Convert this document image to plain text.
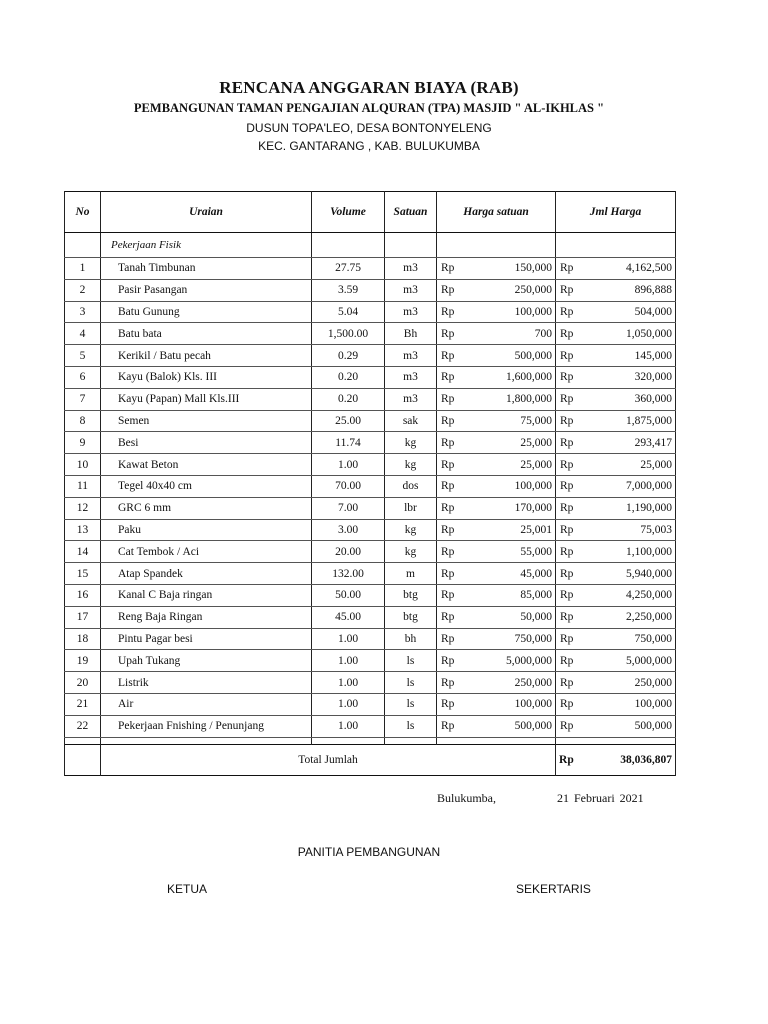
RENCANA ANGGARAN BIAYA (RAB)
PEMBANGUNAN TAMAN PENGAJIAN ALQURAN (TPA) MASJID " AL-IKHLAS "
DUSUN TOPA'LEO, DESA BONTONYELENG
KEC. GANTARANG , KAB. BULUKUMBA
No	Uraian	Volume	Satuan	Harga satuan		Jml Harga	
	Pekerjaan Fisik						
1	Tanah Timbunan	27.75	m3	Rp	150,000	Rp	4,162,500
2	Pasir Pasangan	3.59	m3	Rp	250,000	Rp	896,888
3	Batu Gunung	5.04	m3	Rp	100,000	Rp	504,000
4	Batu bata	1,500.00	Bh	Rp	700	Rp	1,050,000
5	Kerikil / Batu pecah	0.29	m3	Rp	500,000	Rp	145,000
6	Kayu (Balok) Kls. III	0.20	m3	Rp	1,600,000	Rp	320,000
7	Kayu (Papan) Mall Kls.III	0.20	m3	Rp	1,800,000	Rp	360,000
8	Semen	25.00	sak	Rp	75,000	Rp	1,875,000
9	Besi	11.74	kg	Rp	25,000	Rp	293,417
10	Kawat Beton	1.00	kg	Rp	25,000	Rp	25,000
11	Tegel 40x40 cm	70.00	dos	Rp	100,000	Rp	7,000,000
12	GRC 6 mm	7.00	lbr	Rp	170,000	Rp	1,190,000
13	Paku	3.00	kg	Rp	25,001	Rp	75,003
14	Cat Tembok / Aci	20.00	kg	Rp	55,000	Rp	1,100,000
15	Atap Spandek	132.00	m	Rp	45,000	Rp	5,940,000
16	Kanal C Baja ringan	50.00	btg	Rp	85,000	Rp	4,250,000
17	Reng Baja Ringan	45.00	btg	Rp	50,000	Rp	2,250,000
18	Pintu Pagar besi	1.00	bh	Rp	750,000	Rp	750,000
19	Upah Tukang	1.00	ls	Rp	5,000,000	Rp	5,000,000
20	Listrik	1.00	ls	Rp	250,000	Rp	250,000
21	Air	1.00	ls	Rp	100,000	Rp	100,000
22	Pekerjaan Fnishing / Penunjang	1.00	ls	Rp	500,000	Rp	500,000

	Total Jumlah					Rp	38,036,807
Bulukumba,	21 Februari 2021
PANITIA PEMBANGUNAN
KETUA	SEKERTARIS
